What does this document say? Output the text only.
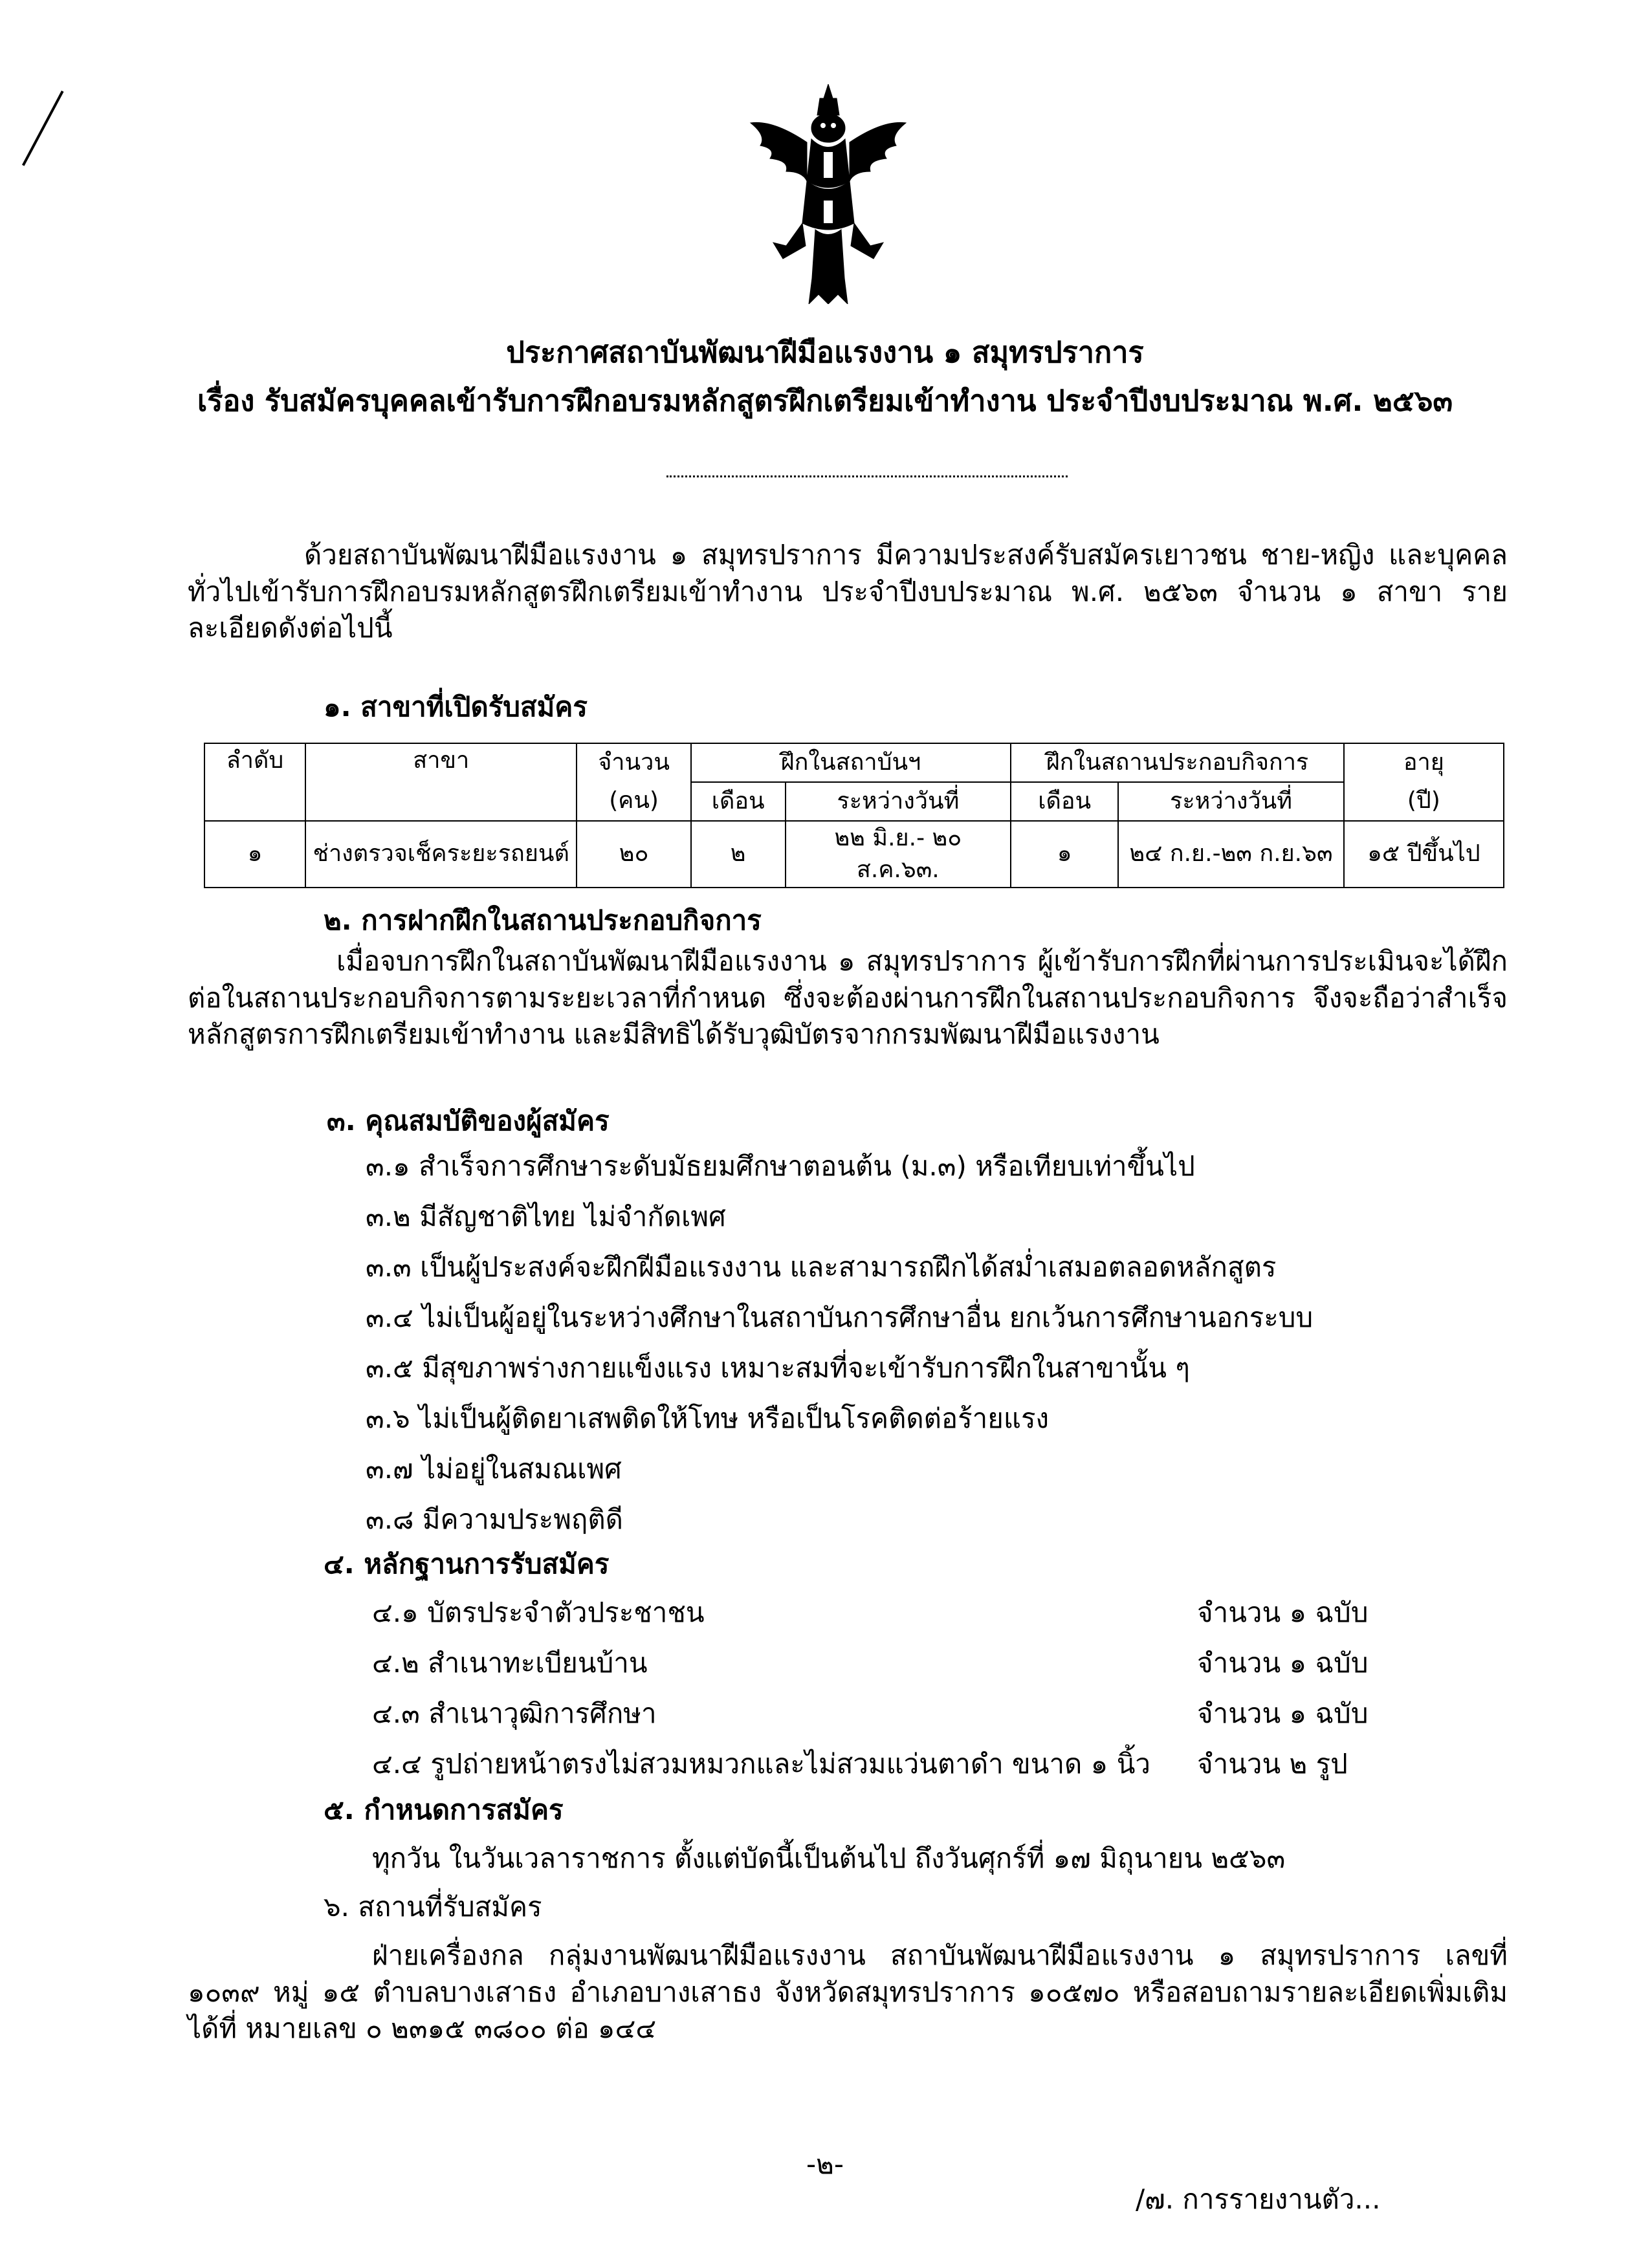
ประกาศสถาบันพัฒนาฝีมือแรงงาน ๑ สมุทรปราการ
เรื่อง รับสมัครบุคคลเข้ารับการฝึกอบรมหลักสูตรฝึกเตรียมเข้าทำงาน ประจำปีงบประมาณ พ.ศ. ๒๕๖๓
ด้วยสถาบันพัฒนาฝีมือแรงงาน ๑ สมุทรปราการ มีความประสงค์รับสมัครเยาวชน ชาย-หญิง และบุคคลทั่วไปเข้ารับการฝึกอบรมหลักสูตรฝึกเตรียมเข้าทำงาน ประจำปีงบประมาณ พ.ศ. ๒๕๖๓ จำนวน ๑ สาขา รายละเอียดดังต่อไปนี้
๑. สาขาที่เปิดรับสมัคร
ลำดับ	สาขา	จำนวน	ฝึกในสถาบันฯ		ฝึกในสถานประกอบกิจการ		อายุ
		(คน)	เดือน	ระหว่างวันที่	เดือน	ระหว่างวันที่	(ปี)
๑	ช่างตรวจเช็คระยะรถยนต์	๒๐	๒	๒๒ มิ.ย.- ๒๐ ส.ค.๖๓.	๑	๒๔ ก.ย.-๒๓ ก.ย.๖๓	๑๕ ปีขึ้นไป
๒. การฝากฝึกในสถานประกอบกิจการ
เมื่อจบการฝึกในสถาบันพัฒนาฝีมือแรงงาน ๑ สมุทรปราการ ผู้เข้ารับการฝึกที่ผ่านการประเมินจะได้ฝึกต่อในสถานประกอบกิจการตามระยะเวลาที่กำหนด ซึ่งจะต้องผ่านการฝึกในสถานประกอบกิจการ จึงจะถือว่าสำเร็จหลักสูตรการฝึกเตรียมเข้าทำงาน และมีสิทธิได้รับวุฒิบัตรจากกรมพัฒนาฝีมือแรงงาน
๓. คุณสมบัติของผู้สมัคร
๓.๑ สำเร็จการศึกษาระดับมัธยมศึกษาตอนต้น (ม.๓) หรือเทียบเท่าขึ้นไป
๓.๒ มีสัญชาติไทย ไม่จำกัดเพศ
๓.๓ เป็นผู้ประสงค์จะฝึกฝีมือแรงงาน และสามารถฝึกได้สม่ำเสมอตลอดหลักสูตร
๓.๔ ไม่เป็นผู้อยู่ในระหว่างศึกษาในสถาบันการศึกษาอื่น ยกเว้นการศึกษานอกระบบ
๓.๕ มีสุขภาพร่างกายแข็งแรง เหมาะสมที่จะเข้ารับการฝึกในสาขานั้น ๆ
๓.๖ ไม่เป็นผู้ติดยาเสพติดให้โทษ หรือเป็นโรคติดต่อร้ายแรง
๓.๗ ไม่อยู่ในสมณเพศ
๓.๘ มีความประพฤติดี
๔. หลักฐานการรับสมัคร
๔.๑ บัตรประจำตัวประชาชน	จำนวน ๑ ฉบับ
๔.๒ สำเนาทะเบียนบ้าน	จำนวน ๑ ฉบับ
๔.๓ สำเนาวุฒิการศึกษา	จำนวน ๑ ฉบับ
๔.๔ รูปถ่ายหน้าตรงไม่สวมหมวกและไม่สวมแว่นตาดำ ขนาด ๑ นิ้ว จำนวน ๒ รูป
๕. กำหนดการสมัคร
ทุกวัน ในวันเวลาราชการ ตั้งแต่บัดนี้เป็นต้นไป ถึงวันศุกร์ที่ ๑๗ มิถุนายน ๒๕๖๓
๖. สถานที่รับสมัคร
ฝ่ายเครื่องกล กลุ่มงานพัฒนาฝีมือแรงงาน สถาบันพัฒนาฝีมือแรงงาน ๑ สมุทรปราการ เลขที่ ๑๐๓๙ หมู่ ๑๕ ตำบลบางเสาธง อำเภอบางเสาธง จังหวัดสมุทรปราการ ๑๐๕๗๐ หรือสอบถามรายละเอียดเพิ่มเติมได้ที่ หมายเลข ๐ ๒๓๑๕ ๓๘๐๐ ต่อ ๑๔๔
-๒-
/๗. การรายงานตัว...
